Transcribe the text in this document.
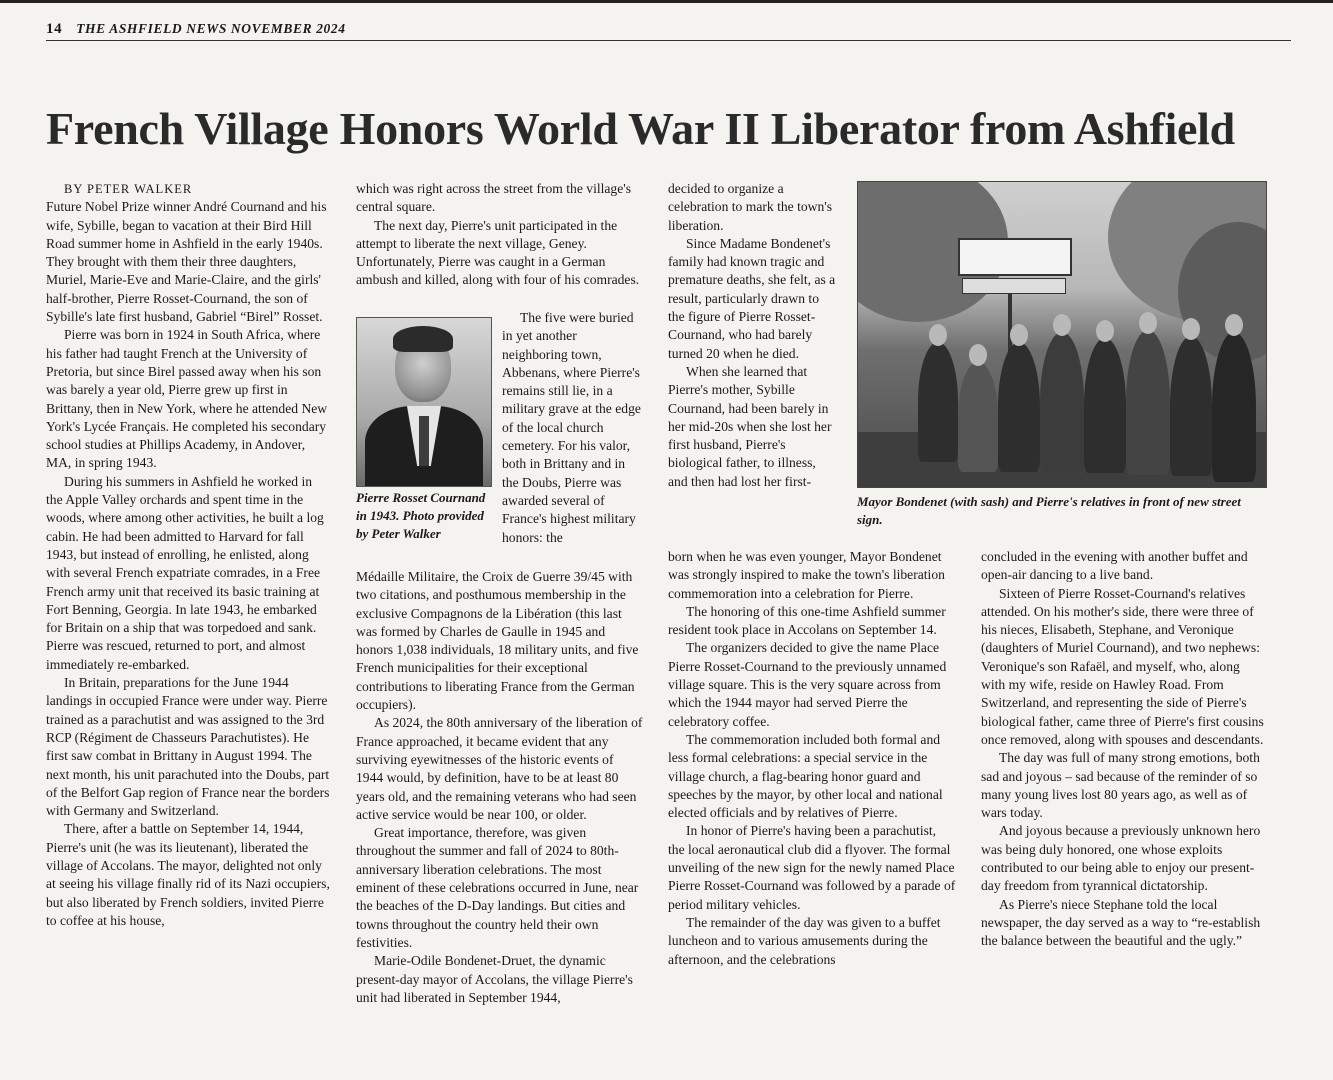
14 THE ASHFIELD NEWS NOVEMBER 2024
French Village Honors World War II Liberator from Ashfield

BY PETER WALKER

Future Nobel Prize winner André Cournand and his wife, Sybille, began to vacation at their Bird Hill Road summer home in Ashfield in the early 1940s. They brought with them their three daughters, Muriel, Marie-Eve and Marie-Claire, and the girls' half-brother, Pierre Rosset-Cournand, the son of Sybille's late first husband, Gabriel “Birel” Rosset.

Pierre was born in 1924 in South Africa, where his father had taught French at the University of Pretoria, but since Birel passed away when his son was barely a year old, Pierre grew up first in Brittany, then in New York, where he attended New York's Lycée Français. He completed his secondary school studies at Phillips Academy, in Andover, MA, in spring 1943.

During his summers in Ashfield he worked in the Apple Valley orchards and spent time in the woods, where among other activities, he built a log cabin. He had been admitted to Harvard for fall 1943, but instead of enrolling, he enlisted, along with several French expatriate comrades, in a Free French army unit that received its basic training at Fort Benning, Georgia. In late 1943, he embarked for Britain on a ship that was torpedoed and sank. Pierre was rescued, returned to port, and almost immediately re-embarked.

In Britain, preparations for the June 1944 landings in occupied France were under way. Pierre trained as a parachutist and was assigned to the 3rd RCP (Régiment de Chasseurs Parachutistes). He first saw combat in Brittany in August 1994. The next month, his unit parachuted into the Doubs, part of the Belfort Gap region of France near the borders with Germany and Switzerland.

There, after a battle on September 14, 1944, Pierre's unit (he was its lieutenant), liberated the village of Accolans. The mayor, delighted not only at seeing his village finally rid of its Nazi occupiers, but also liberated by French soldiers, invited Pierre to coffee at his house,

which was right across the street from the village's central square.

The next day, Pierre's unit participated in the attempt to liberate the next village, Geney. Unfortunately, Pierre was caught in a German ambush and killed, along with four of his comrades.

Pierre Rosset Cournand in 1943. Photo provided by Peter Walker

The five were buried in yet another neighboring town, Abbenans, where Pierre's remains still lie, in a military grave at the edge of the local church cemetery. For his valor, both in Brittany and in the Doubs, Pierre was awarded several of France's highest military honors: the

Médaille Militaire, the Croix de Guerre 39/45 with two citations, and posthumous membership in the exclusive Compagnons de la Libération (this last was formed by Charles de Gaulle in 1945 and honors 1,038 individuals, 18 military units, and five French municipalities for their exceptional contributions to liberating France from the German occupiers).

As 2024, the 80th anniversary of the liberation of France approached, it became evident that any surviving eyewitnesses of the historic events of 1944 would, by definition, have to be at least 80 years old, and the remaining veterans who had seen active service would be near 100, or older.

Great importance, therefore, was given throughout the summer and fall of 2024 to 80th-anniversary liberation celebrations. The most eminent of these celebrations occurred in June, near the beaches of the D-Day landings. But cities and towns throughout the country held their own festivities.

Marie-Odile Bondenet-Druet, the dynamic present-day mayor of Accolans, the village Pierre's unit had liberated in September 1944,

decided to organize a celebration to mark the town's liberation.

Since Madame Bondenet's family had known tragic and premature deaths, she felt, as a result, particularly drawn to the figure of Pierre Rosset-Cournand, who had barely turned 20 when he died.

When she learned that Pierre's mother, Sybille Cournand, had been barely in her mid-20s when she lost her first husband, Pierre's biological father, to illness, and then had lost her first-

Mayor Bondenet (with sash) and Pierre's relatives in front of new street sign.

born when he was even younger, Mayor Bondenet was strongly inspired to make the town's liberation commemoration into a celebration for Pierre.

The honoring of this one-time Ashfield summer resident took place in Accolans on September 14.

The organizers decided to give the name Place Pierre Rosset-Cournand to the previously unnamed village square. This is the very square across from which the 1944 mayor had served Pierre the celebratory coffee.

The commemoration included both formal and less formal celebrations: a special service in the village church, a flag-bearing honor guard and speeches by the mayor, by other local and national elected officials and by relatives of Pierre.

In honor of Pierre's having been a parachutist, the local aeronautical club did a flyover. The formal unveiling of the new sign for the newly named Place Pierre Rosset-Cournand was followed by a parade of period military vehicles.

The remainder of the day was given to a buffet luncheon and to various amusements during the afternoon, and the celebrations

concluded in the evening with another buffet and open-air dancing to a live band.

Sixteen of Pierre Rosset-Cournand's relatives attended. On his mother's side, there were three of his nieces, Elisabeth, Stephane, and Veronique (daughters of Muriel Cournand), and two nephews: Veronique's son Rafaël, and myself, who, along with my wife, reside on Hawley Road. From Switzerland, and representing the side of Pierre's biological father, came three of Pierre's first cousins once removed, along with spouses and descendants.

The day was full of many strong emotions, both sad and joyous – sad because of the reminder of so many young lives lost 80 years ago, as well as of wars today.

And joyous because a previously unknown hero was being duly honored, one whose exploits contributed to our being able to enjoy our present-day freedom from tyrannical dictatorship.

As Pierre's niece Stephane told the local newspaper, the day served as a way to “re-establish the balance between the beautiful and the ugly.”
